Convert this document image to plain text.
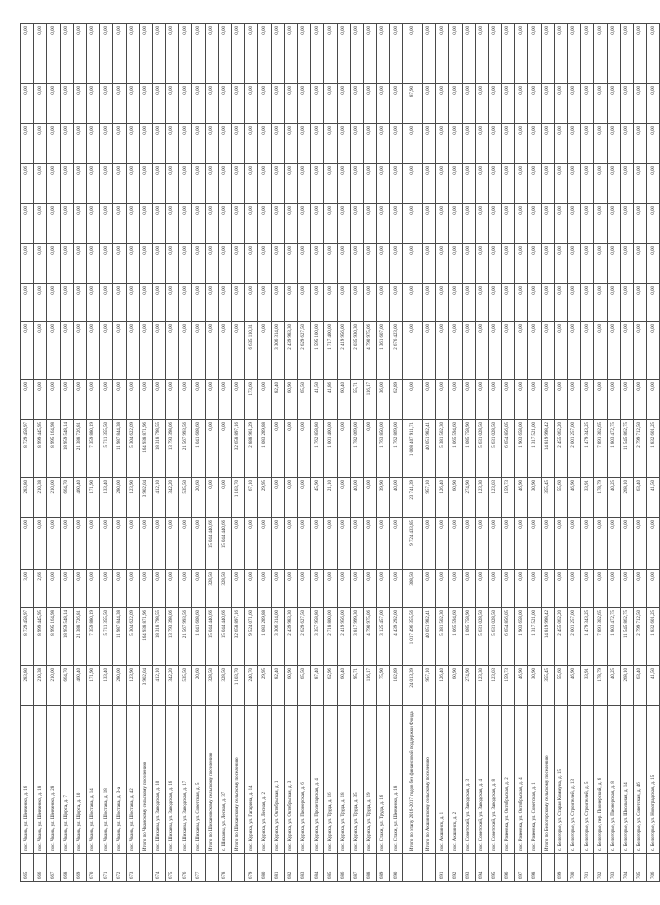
665	пос. Чкань, ул. Шевченко, д. 16	283,80	8 729 458,97	3,00	0,00	283,80	8 729 458,97	0,00	0,00	0,00	0,00	0,00	0,06	0,00	0,00	0,00
666	пос. Чкань, ул. Шевченко, д. 18	210,38	8 999 445,95	2,66	0,00	210,38	8 999 445,95	0,00	0,00	0,00	0,00	0,00	0,00	0,00	0,00	0,00
667	пос. Чкань, ул. Шевченко, д. 28	210,00	8 995 164,98	0,00	0,00	210,00	8 995 164,98	0,00	0,00	0,00	0,00	0,00	0,00	0,00	0,00	0,00
668	пос. Чкань, ул. Щорса, д. 7	664,70	18 959 548,14	0,00	0,00	664,70	18 959 548,14	0,00	0,00	0,00	0,00	0,00	0,00	0,00	0,00	0,00
669	пос. Чкань, ул. Щорса, д. 10	460,40	21 388 726,81	0,00	0,00	460,40	21 388 726,81	0,00	0,00	0,00	0,00	0,00	0,00	0,00	0,00	0,00
670	пос. Чкань, ул. Шостака, д. 14	171,90	7 359 880,19	0,00	0,00	171,90	7 359 880,19	0,00	0,00	0,00	0,00	0,00	0,00	0,00	0,00	0,00
671	пос. Чкань, ул. Шостака, д. 18	133,40	5 711 355,50	0,00	0,00	133,40	5 711 355,50	0,00	0,00	0,00	0,00	0,00	0,00	0,00	0,00	0,00
672	пос. Чкань, ул. Шостака, д. 3-а	280,00	11 987 844,38	0,00	0,00	280,00	11 987 844,38	0,00	0,00	0,00	0,00	0,00	0,00	0,00	0,00	0,00
673	пос. Чкань, ул. Шостака, д. 42	123,90	5 304 622,09	0,00	0,00	123,90	5 304 622,09	0,00	0,00	0,00	0,00	0,00	0,00	0,00	0,00	0,00
	Итого по Чканскому сельскому поселению	3 902,04	164 938 871,96	0,00	0,00	3 902,04	164 938 871,96	0,00	0,00	0,00	0,00	0,00	0,00	0,00	0,00	0,00
674	пос. Шиханы, ул. Заводская, д. 10	412,10	18 318 798,55	0,00	0,00	412,10	18 318 798,55	0,00	0,00	0,00	0,00	0,00	0,00	0,00	0,00	0,00
675	пос. Шиханы, ул. Заводская, д. 16	342,20	13 793 398,06	0,00	0,00	342,20	13 793 398,06	0,00	0,00	0,00	0,00	0,00	0,00	0,00	0,00	0,00
676	пос. Шиханы, ул. Заводская, д. 17	535,50	21 567 993,56	0,00	0,00	535,50	21 567 993,56	0,00	0,00	0,00	0,00	0,00	0,00	0,00	0,00	0,00
677	пос. Шиханы, ул. Советская, д. 5	20,60	1 041 608,60	0,00	0,00	20,60	1 041 608,60	0,00	0,00	0,00	0,00	0,00	0,00	0,00	0,00	0,00
	Итого по Шихановскому сельскому поселению	328,50	15 044 440,66	328,50	15 044 440,66	0,00	0,00	0,00	0,00	0,00	0,00	0,00	0,00	0,00	0,00	0,00
678	с. Шиханы, ул. Лесная, д. 37	328,50	15 044 440,66	328,50	15 044 440,66	0,00	0,00	0,00	0,00	0,00	0,00	0,00	0,00	0,00	0,00	0,00
	Итого по Шиханскому сельскому поселению	1 103,70	32 658 897,16	0,00	0,00	1 103,70	32 658 897,16	0,00	0,00	0,00	0,00	0,00	0,00	0,00	0,00	0,00
679	пос. Куриха, ул. Гагарина, д. 14	240,70	9 524 071,60	0,00	0,00	67,10	2 888 961,29	173,60	6 635 110,31	0,00	0,00	0,00	0,00	0,00	0,00	0,00
680	пос. Куриха, ул. Лесная, д. 2	29,95	1 083 289,88	0,00	0,00	29,95	1 083 289,88	0,00	0,00	0,00	0,00	0,00	0,00	0,00	0,00	0,00
681	пос. Куриха, ул. Октябрьская, д. 1	82,40	3 306 314,00	0,00	0,00	0,00	0,00	82,40	3 306 314,00	0,00	0,00	0,00	0,00	0,00	0,00	0,00
682	пос. Куриха, ул. Октябрьская, д. 3	60,90	2 439 983,30	0,00	0,00	0,00	0,00	60,90	2 439 983,30	0,00	0,00	0,00	0,00	0,00	0,00	0,00
683	пос. Куриха, ул. Пионерская, д. 6	65,50	2 629 627,50	0,00	0,00	0,00	0,00	65,50	2 629 627,50	0,00	0,00	0,00	0,00	0,00	0,00	0,00
684	пос. Куриха, ул. Пролетарская, д. 4	87,40	3 357 958,80	0,00	0,00	45,90	1 762 858,80	41,50	1 595 100,00	0,00	0,00	0,00	0,00	0,00	0,00	0,00
685	пос. Куриха, ул. Труда, д. 16	62,96	2 718 800,00	0,00	0,00	21,10	1 001 400,00	41,86	1 717 400,00	0,00	0,00	0,00	0,00	0,00	0,00	0,00
686	пос. Куриха, ул. Труда, д. 18	60,40	2 419 956,00	0,00	0,00	0,00	0,00	60,40	2 419 956,00	0,00	0,00	0,00	0,00	0,00	0,00	0,00
687	пос. Куриха, ул. Труда, д. 35	95,71	3 817 999,30	0,00	0,00	40,00	1 782 069,00	55,71	2 035 930,30	0,00	0,00	0,00	0,00	0,00	0,00	0,00
688	пос. Куриха, ул. Труда, д. 19	116,17	4 790 975,06	0,00	0,00	0,00	0,00	116,17	4 790 975,06	0,00	0,00	0,00	0,00	0,00	0,00	0,00
689	пос. Стахи, ул. Труда, д. 16	75,90	3 125 457,00	0,00	0,00	39,90	1 763 850,00	36,00	1 361 607,00	0,00	0,00	0,00	0,00	0,00	0,00	0,00
690	пос. Стахи, ул. Шевченко, д. 18	102,89	4 439 292,00	0,00	0,00	40,00	1 762 869,00	62,89	2 676 423,00	0,00	0,00	0,00	0,00	0,00	0,00	0,00
	Итого по этапу 2016-2017 годов без финансовой поддержки Фонда	24 013,39	1 017 496 355,56	308,50	9 724 433,85	23 741,39	1 008 407 911,71	0,00	0,00	0,00	0,00	0,00	0,00	0,00	87,90	0,00
	Итого по Акшинскому сельскому поселению	957,10	40 051 982,41	0,00	0,00	957,10	40 051 982,41	0,00	0,00	0,00	0,00	0,00	0,00	0,00	0,00	0,00
691	пос. Акшинск, д. 1	126,40	5 381 502,30	0,00	0,00	126,40	5 381 502,30	0,00	0,00	0,00	0,00	0,00	0,00	0,00	0,00	0,00
692	пос. Акшинск, д. 2	60,90	1 065 594,60	0,00	0,00	60,90	1 065 594,60	0,00	0,00	0,00	0,00	0,00	0,00	0,00	0,00	0,00
693	пос. Советский, ул. Заводская, д. 3	274,90	1 085 758,90	0,00	0,00	274,90	1 085 758,90	0,00	0,00	0,00	0,00	0,00	0,00	0,00	0,00	0,00
694	пос. Советский, ул. Заводская, д. 4	123,30	5 631 028,50	0,00	0,00	123,30	5 631 028,50	0,00	0,00	0,00	0,00	0,00	0,00	0,00	0,00	0,00
695	пос. Советский, ул. Заводская, д. 8	123,03	5 631 028,50	0,00	0,00	123,03	5 631 028,50	0,00	0,00	0,00	0,00	0,00	0,00	0,00	0,00	0,00
696	пос. Рачеевка, ул. Октябрьская, д. 2	159,73	6 654 856,05	0,00	0,00	159,73	6 654 856,05	0,00	0,00	0,00	0,00	0,00	0,00	0,00	0,00	0,00
697	пос. Рачеевка, ул. Октябрьская, д. 4	46,90	1 903 658,00	0,00	0,00	46,90	1 903 658,00	0,00	0,00	0,00	0,00	0,00	0,00	0,00	0,00	0,00
698	пос. Рачеевка, ул. Советская, д. 1	30,90	1 317 521,00	0,00	0,00	30,90	1 317 521,00	0,00	0,00	0,00	0,00	0,00	0,00	0,00	0,00	0,00
	Итого по Белогорскому сельскому поселению	355,45	14 819 998,42	0,00	0,00	355,45	14 819 998,42	0,00	0,00	0,00	0,00	0,00	0,00	0,00	0,00	0,00
699	с. Белогорье, ул. Старая Коммуна, д. 15	55,60	2 455 062,20	0,00	0,00	55,60	2 455 062,20	0,00	0,00	0,00	0,00	0,00	0,00	0,00	0,00	0,00
700	с. Белогорье, ул. Строителей, д. 13	46,90	2 001 257,00	0,00	0,00	46,90	2 001 257,00	0,00	0,00	0,00	0,00	0,00	0,00	0,00	0,00	0,00
701	с. Белогорье, ул. Строителей, д. 5	33,91	1 479 343,25	0,00	0,00	33,91	1 479 343,25	0,00	0,00	0,00	0,00	0,00	0,00	0,00	0,00	0,00
702	с. Белогорье, пер. Пионерский, д. 6	178,79	7 891 302,65	0,00	0,00	178,79	7 891 302,65	0,00	0,00	0,00	0,00	0,00	0,00	0,00	0,00	0,00
703	с. Белогорье, ул. Пионерская, д. 8	40,25	1 803 472,75	0,00	0,00	40,25	1 803 472,75	0,00	0,00	0,00	0,00	0,00	0,00	0,00	0,00	0,00
704	с. Белогорье, ул. Школьная, д. 14	268,10	11 545 862,75	0,00	0,00	268,10	11 545 862,75	0,00	0,00	0,00	0,00	0,00	0,00	0,00	0,00	0,00
705	с. Белогорье, ул. Советская, д. 46	63,40	2 799 712,50	0,00	0,00	63,40	2 799 712,50	0,00	0,00	0,00	0,00	0,00	0,00	0,00	0,00	0,00
706	с. Белогорье, ул. Новоградская, д. 15	41,50	1 832 601,25	0,00	0,00	41,50	1 832 601,25	0,00	0,00	0,00	0,00	0,00	0,00	0,00	0,00	0,00
